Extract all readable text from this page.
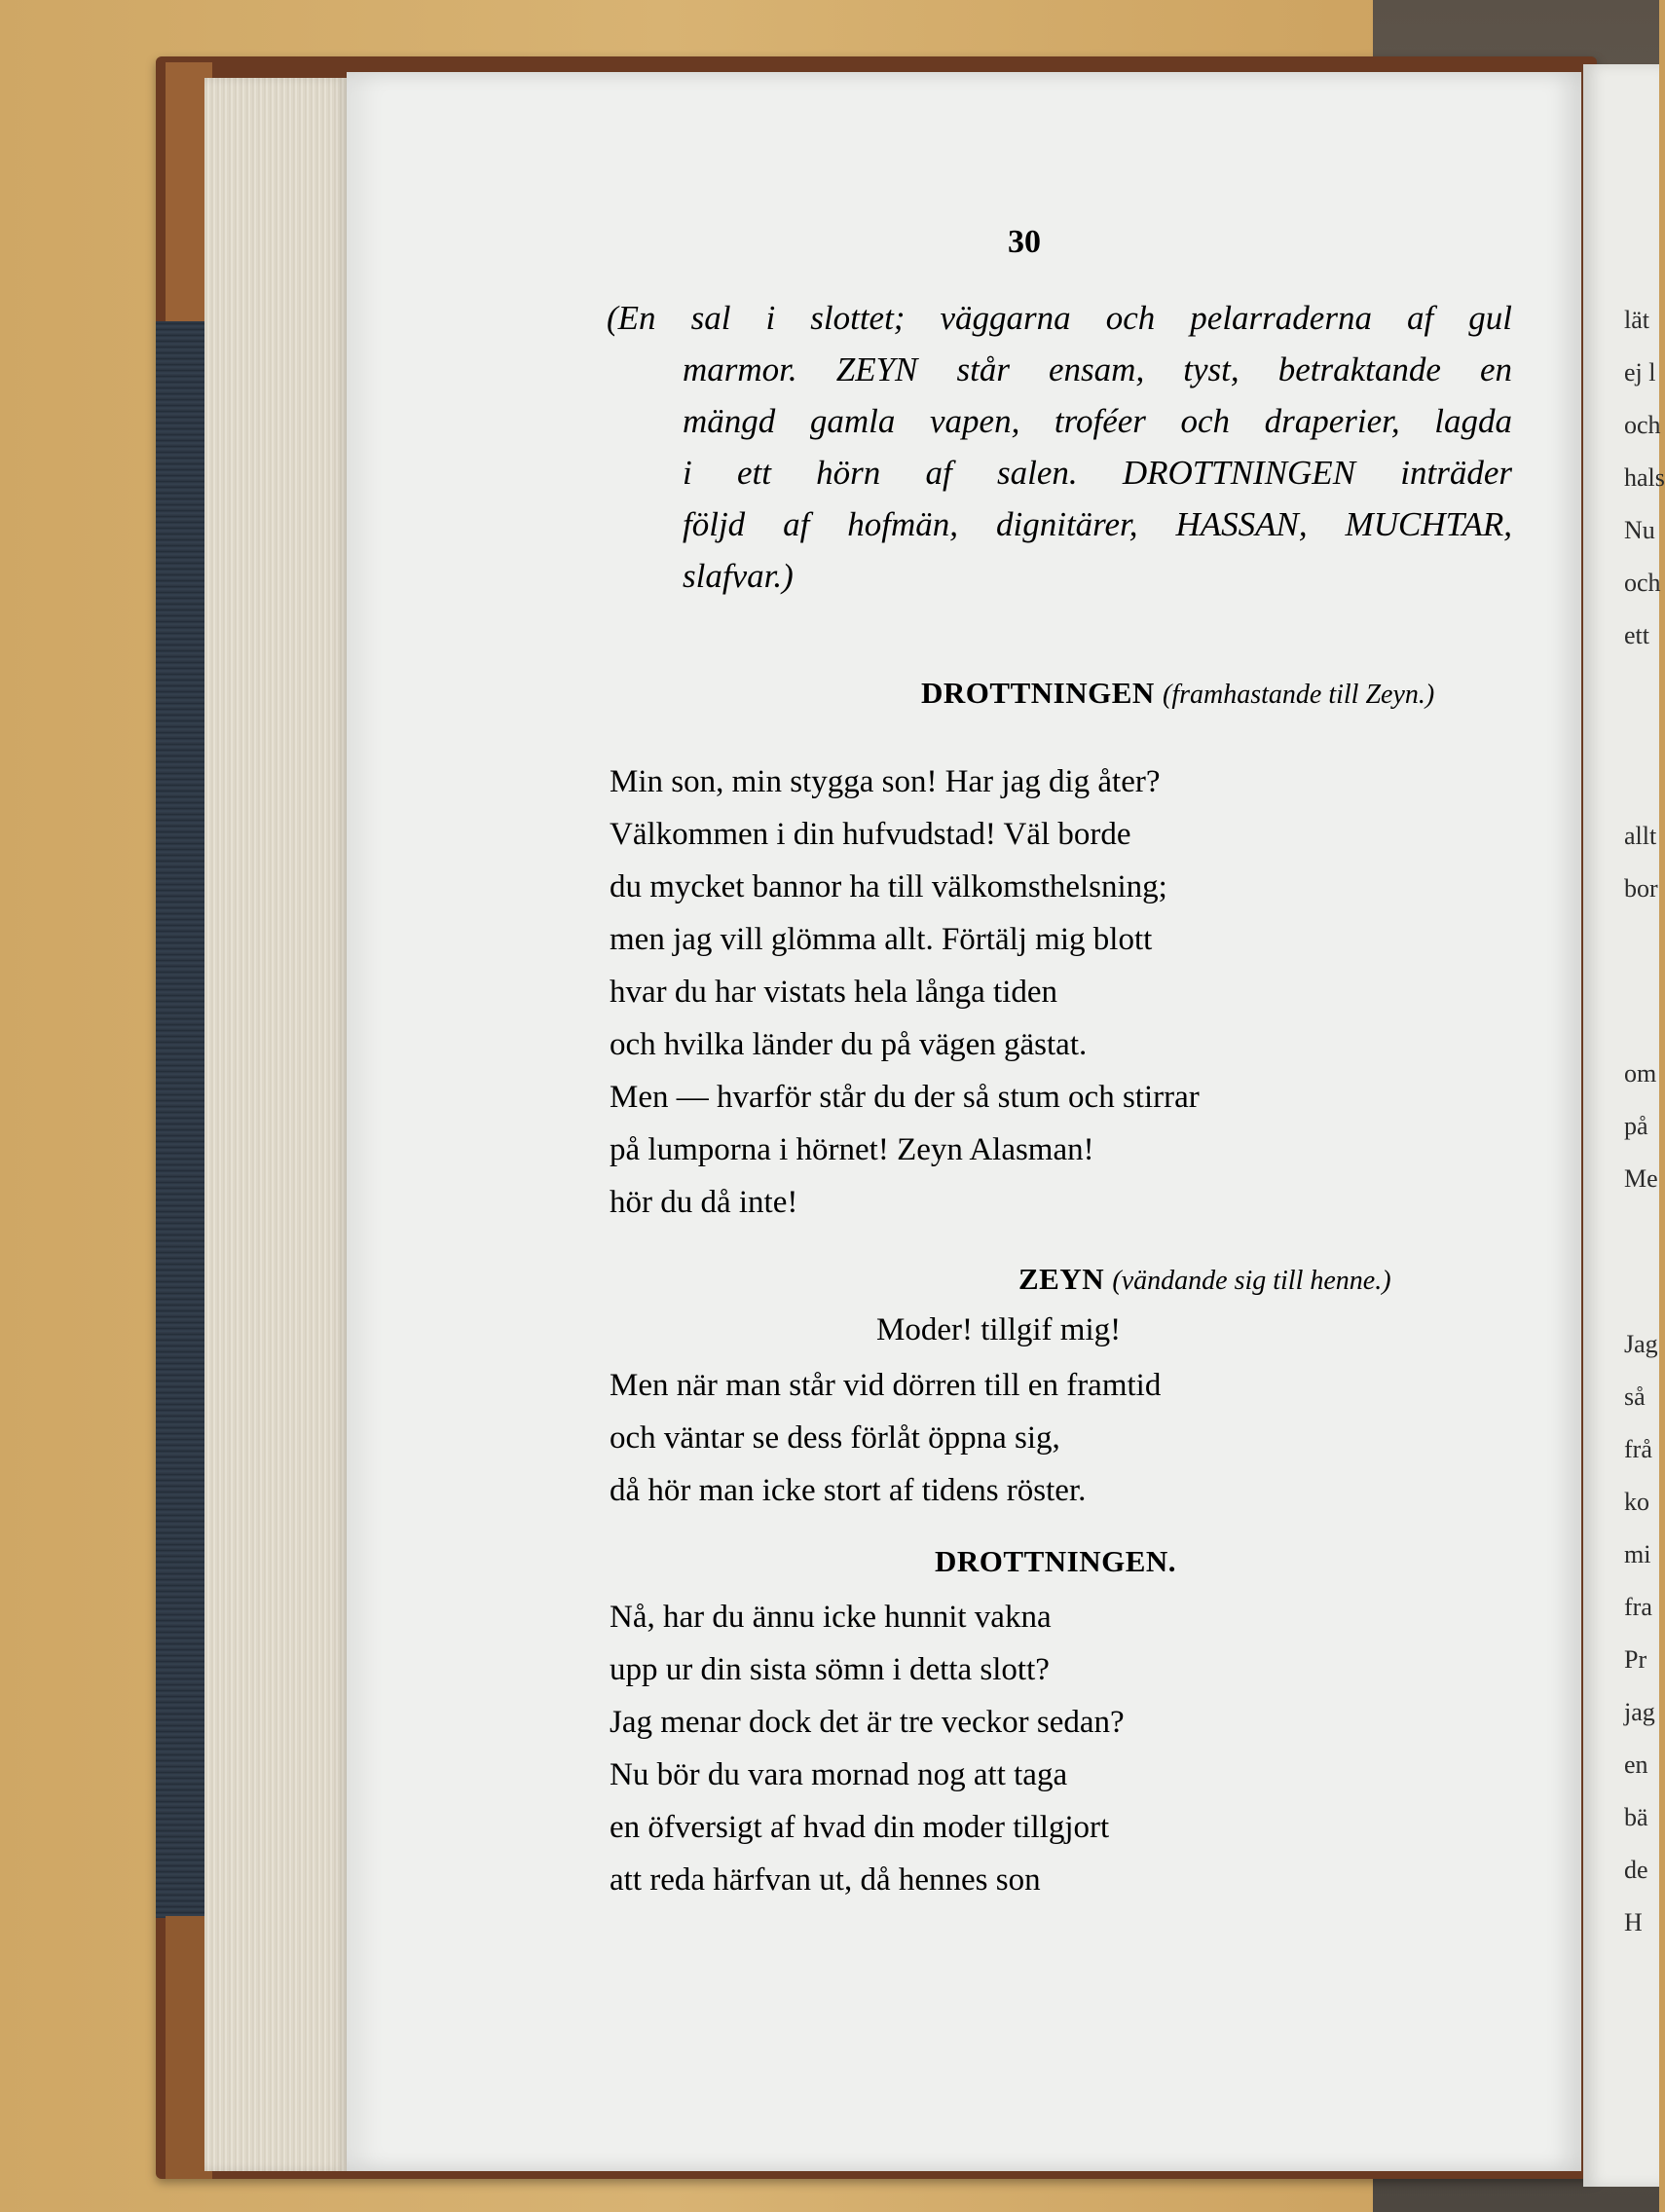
30
(En sal i slottet; väggarna och pelarraderna af gul
marmor. ZEYN står ensam, tyst, betraktande en
mängd gamla vapen, troféer och draperier, lagda
i ett hörn af salen. DROTTNINGEN inträder
följd af hofmän, dignitärer, HASSAN, MUCHTAR,
slafvar.)
DROTTNINGEN (framhastande till Zeyn.)
Min son, min stygga son! Har jag dig åter?
Välkommen i din hufvudstad! Väl borde
du mycket bannor ha till välkomsthelsning;
men jag vill glömma allt. Förtälj mig blott
hvar du har vistats hela långa tiden
och hvilka länder du på vägen gästat.
Men — hvarför står du der så stum och stirrar
på lumporna i hörnet! Zeyn Alasman!
hör du då inte!
ZEYN (vändande sig till henne.)
Moder! tillgif mig!
Men när man står vid dörren till en framtid
och väntar se dess förlåt öppna sig,
då hör man icke stort af tidens röster.
DROTTNINGEN.
Nå, har du ännu icke hunnit vakna
upp ur din sista sömn i detta slott?
Jag menar dock det är tre veckor sedan?
Nu bör du vara mornad nog att taga
en öfversigt af hvad din moder tillgjort
att reda härfvan ut, då hennes son
lät
ej l
och
hals
Nu
och
ett
allt
bor
om
på
Me
Jag
så
frå
ko
mi
fra
Pr
jag
en
bä
de
H
